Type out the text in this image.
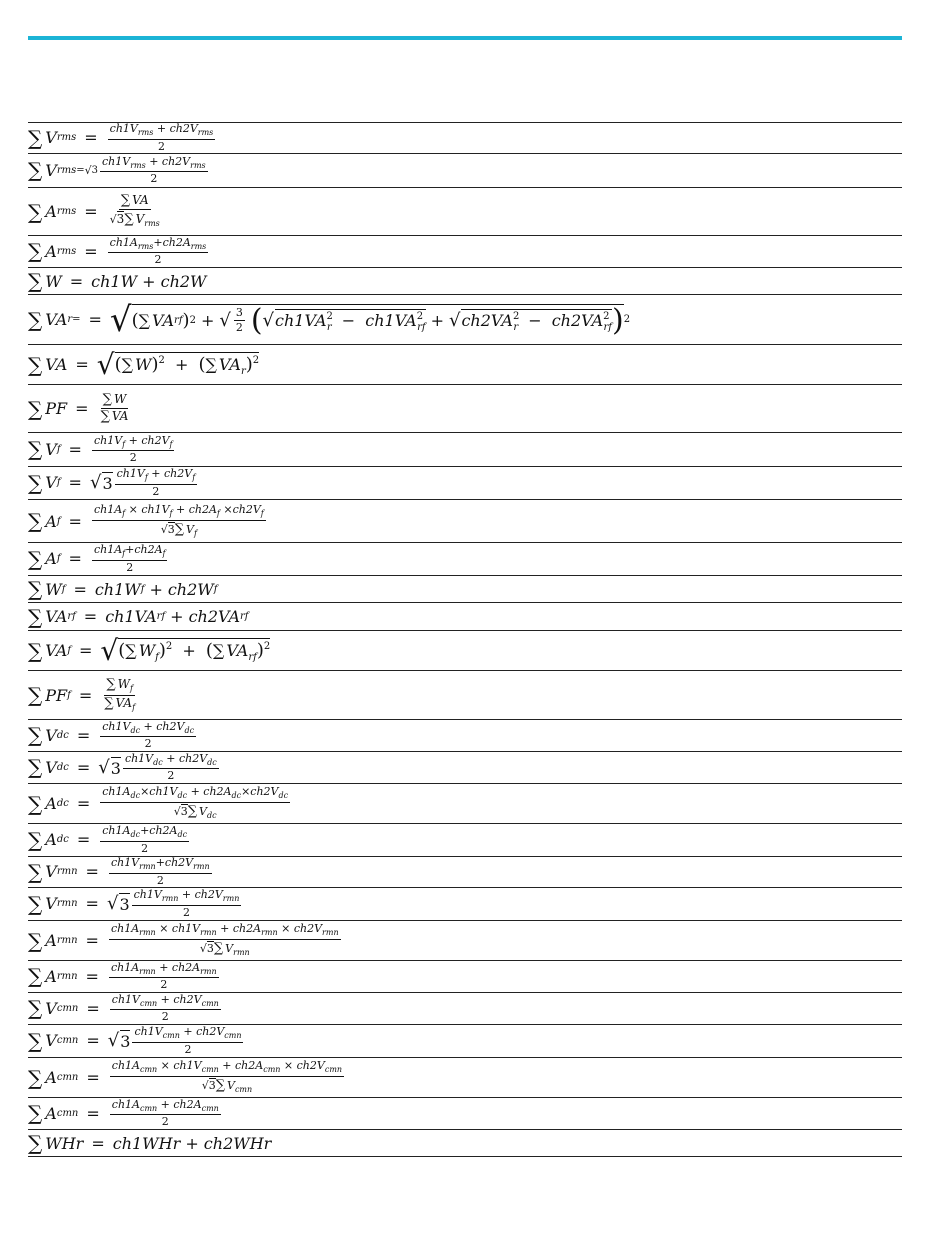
∑ V rms = $\frac{ch1V_{rms} + ch2V_{rms}}{2}$
∑ V rms= √ $3 \frac{ch1V_{rms} + ch2V_{rms}}{2}$
∑ A rms = $\frac{\sum VA}{√3\sum V_{rms}}$
∑ A rms = $\frac{ch1A_{rms}+ch2A_{rms}}{2}$
∑ W = ch1W + ch2W
∑ VA r= = √ ( ∑ VA rf ) 2 + √ $\frac{3}{2}$ ( √ $ch1VA^2_r - ch1VA^2_{rf}$ + √ $ch2VA^2_r - ch2VA^2_{rf}$ ) 2
∑ VA = √ (∑ W)$^2$ + (∑ $VA_r)^2$
∑ PF = $\frac{\sum W}{\sum VA}$
∑ V $f = \frac{ch1V_f + ch2V_f}{2}$
∑ V f = √ $3 \frac{ch1V_f + ch2V_f}{2}$
∑ A $f = \frac{ch1A_f \times ch1V_f + ch2A_f \times ch2V_f}{√3\sum V_f}$
∑ A $f = \frac{ch1A_f+ch2A_f}{2}$
∑ W f = ch1W f + ch2W f
∑ VA rf = ch1VA rf + ch2VA rf
∑ VA f = √ (∑ $W_f)^2$ + (∑ $VA_{rf})^2$
∑ PF $f = \frac{\sum W_f}{\sum VA_f}$
∑ V dc = $\frac{ch1V_{dc} + ch2V_{dc}}{2}$
∑ V dc = √ $3 \frac{ch1V_{dc} + ch2V_{dc}}{2}$
∑ A dc = $\frac{ch1A_{dc}\times ch1V_{dc} + ch2A_{dc}\times ch2V_{dc}}{√3\sum V_{dc}}$
∑ A dc = $\frac{ch1A_{dc}+ch2A_{dc}}{2}$
∑ V rmn = $\frac{ch1V_{rmn}+ch2V_{rmn}}{2}$
∑ V rmn = √ $3 \frac{ch1V_{rmn} + ch2V_{rmn}}{2}$
∑ A rmn = $\frac{ch1A_{rmn} \times ch1V_{rmn} + ch2A_{rmn} \times ch2V_{rmn}}{√3\sum V_{rmn}}$
∑ A rmn = $\frac{ch1A_{rmn} + ch2A_{rmn}}{2}$
∑ V cmn = $\frac{ch1V_{cmn} + ch2V_{cmn}}{2}$
∑ V cmn = √ $3 \frac{ch1V_{cmn} + ch2V_{cmn}}{2}$
∑ A cmn = $\frac{ch1A_{cmn} \times ch1V_{cmn} + ch2A_{cmn} \times ch2V_{cmn}}{√3\sum V_{cmn}}$
∑ A cmn = $\frac{ch1A_{cmn} + ch2A_{cmn}}{2}$
∑ WHr = ch1WHr + ch2WHr
